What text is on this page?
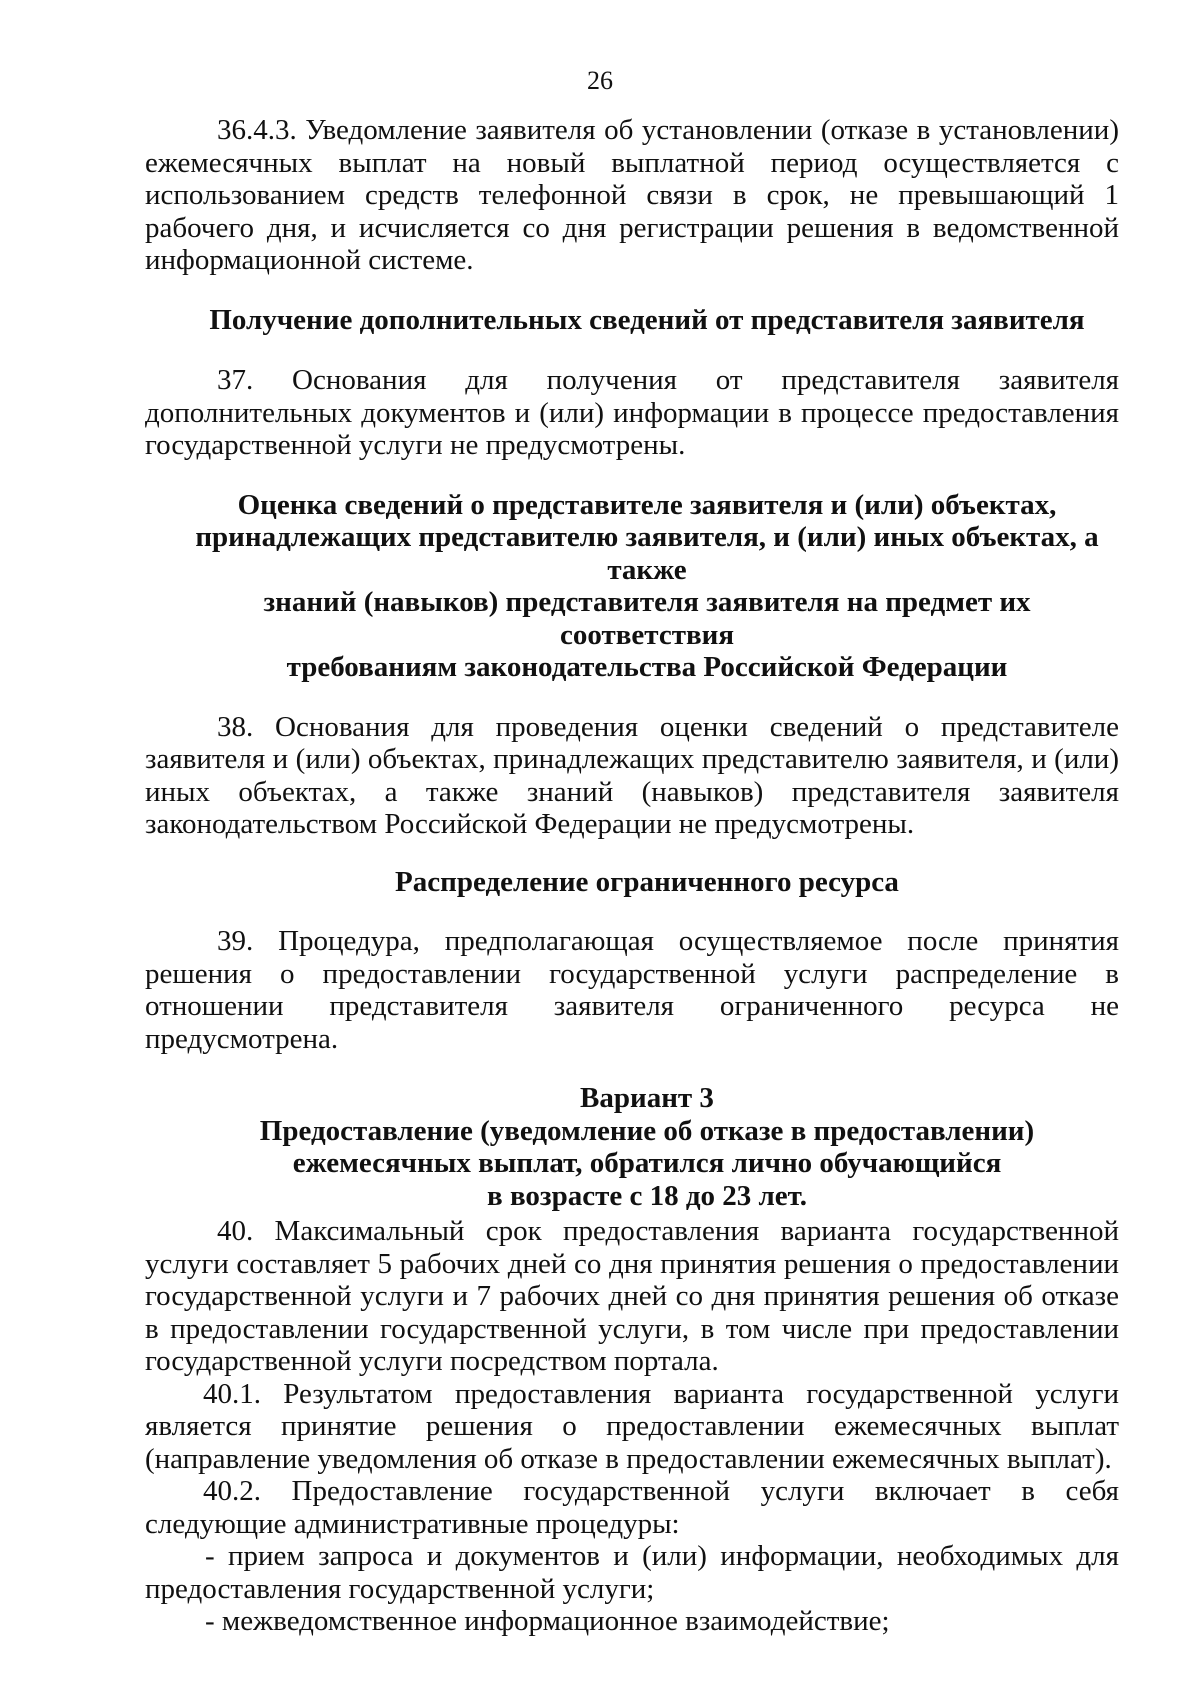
26

36.4.3. Уведомление заявителя об установлении (отказе в установлении) ежемесячных выплат на новый выплатной период осуществляется с использованием средств телефонной связи в срок, не превышающий 1 рабочего дня, и исчисляется со дня регистрации решения в ведомственной информационной системе.

Получение дополнительных сведений от представителя заявителя

37. Основания для получения от представителя заявителя дополнительных документов и (или) информации в процессе предоставления государственной услуги не предусмотрены.

Оценка сведений о представителе заявителя и (или) объектах,
принадлежащих представителю заявителя, и (или) иных объектах, а также
знаний (навыков) представителя заявителя на предмет их соответствия
требованиям законодательства Российской Федерации

38. Основания для проведения оценки сведений о представителе заявителя и (или) объектах, принадлежащих представителю заявителя, и (или) иных объектах, а также знаний (навыков) представителя заявителя законодательством Российской Федерации не предусмотрены.

Распределение ограниченного ресурса

39. Процедура, предполагающая осуществляемое после принятия решения о предоставлении государственной услуги распределение в отношении представителя заявителя ограниченного ресурса не предусмотрена.

Вариант 3
Предоставление (уведомление об отказе в предоставлении)
ежемесячных выплат, обратился лично обучающийся
в возрасте с 18 до 23 лет.

40. Максимальный срок предоставления варианта государственной услуги составляет 5 рабочих дней со дня принятия решения о предоставлении государственной услуги и 7 рабочих дней со дня принятия решения об отказе в предоставлении государственной услуги, в том числе при предоставлении государственной услуги посредством портала.

40.1. Результатом предоставления варианта государственной услуги является принятие решения о предоставлении ежемесячных выплат (направление уведомления об отказе в предоставлении ежемесячных выплат).

40.2. Предоставление государственной услуги включает в себя следующие административные процедуры:

- прием запроса и документов и (или) информации, необходимых для предоставления государственной услуги;

- межведомственное информационное взаимодействие;
